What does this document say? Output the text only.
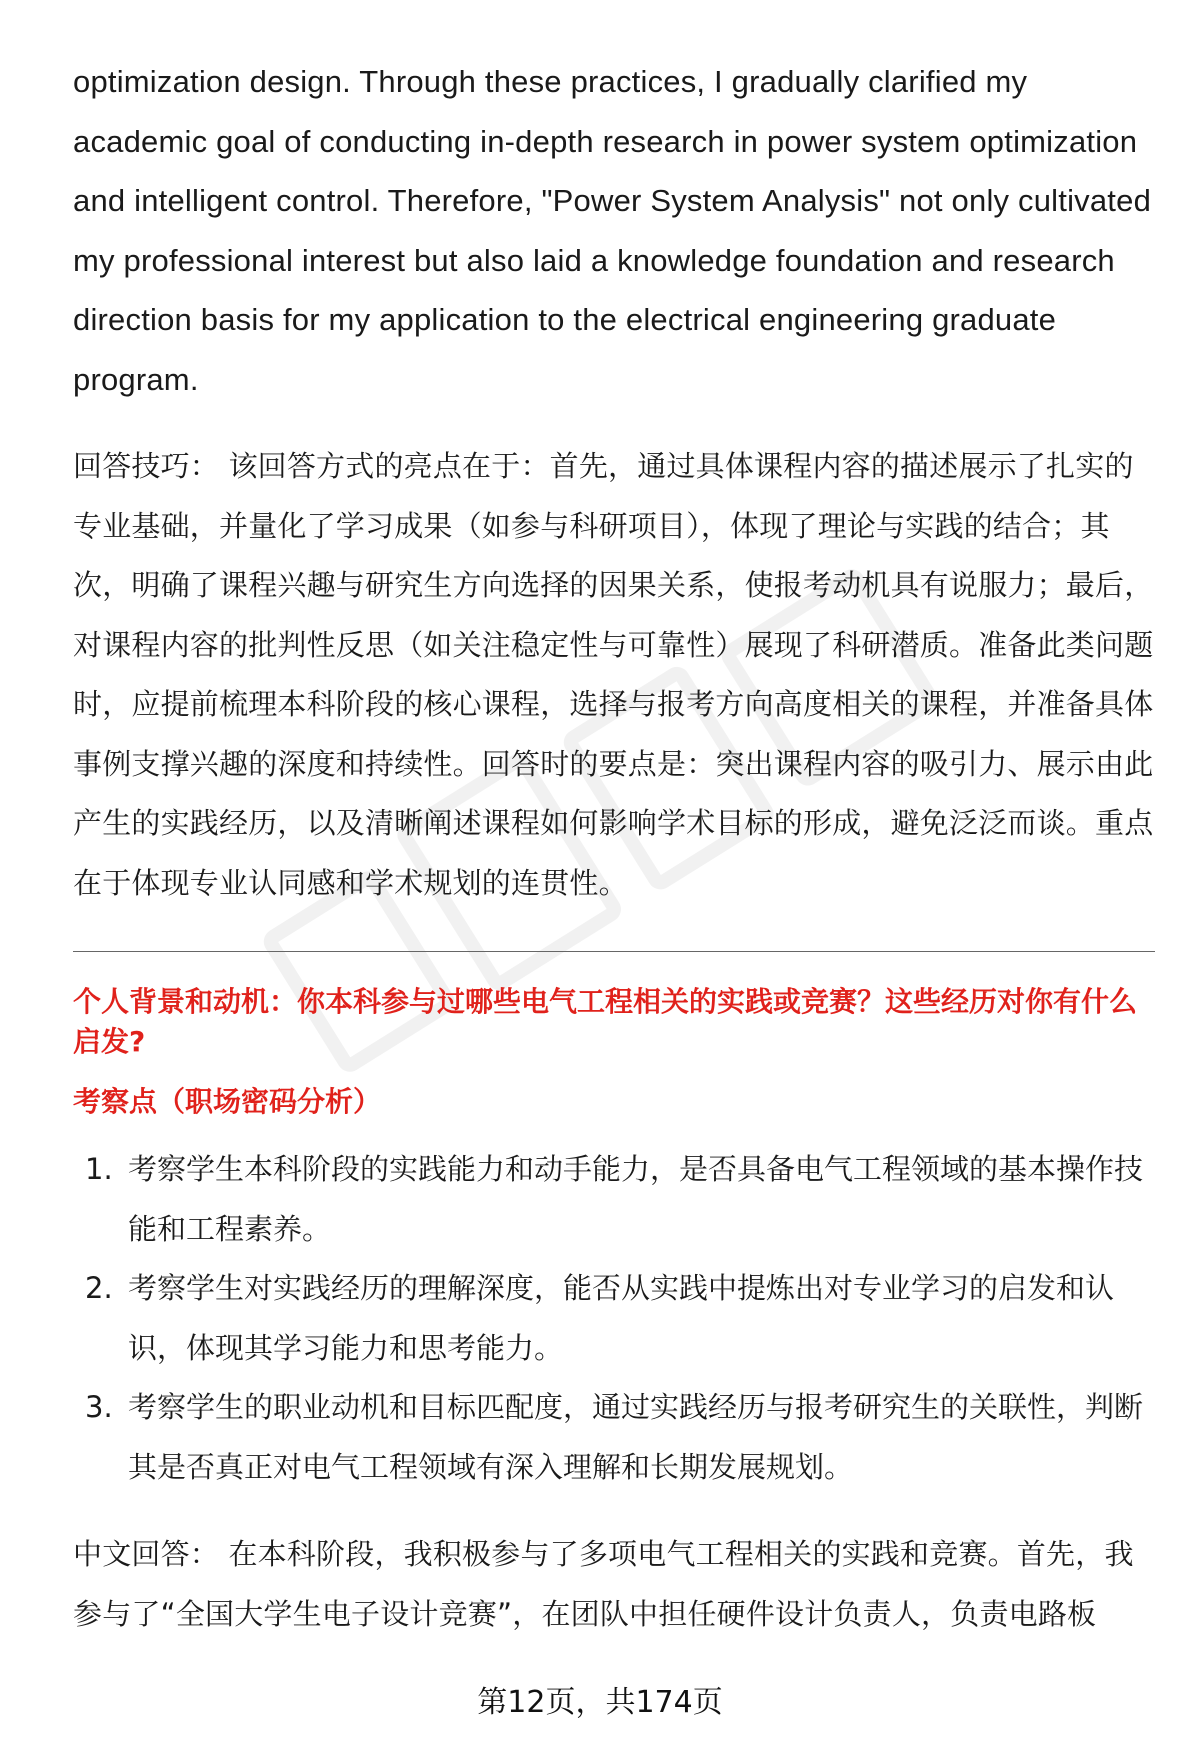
optimization design. Through these practices, I gradually clarified my academic goal of conducting in-depth research in power system optimization and intelligent control. Therefore, "Power System Analysis" not only cultivated my professional interest but also laid a knowledge foundation and research direction basis for my application to the electrical engineering graduate program.

回答技巧： 该回答方式的亮点在于：首先，通过具体课程内容的描述展示了扎实的专业基础，并量化了学习成果（如参与科研项目），体现了理论与实践的结合；其次，明确了课程兴趣与研究生方向选择的因果关系，使报考动机具有说服力；最后，对课程内容的批判性反思（如关注稳定性与可靠性）展现了科研潜质。准备此类问题时，应提前梳理本科阶段的核心课程，选择与报考方向高度相关的课程，并准备具体事例支撑兴趣的深度和持续性。回答时的要点是：突出课程内容的吸引力、展示由此产生的实践经历，以及清晰阐述课程如何影响学术目标的形成，避免泛泛而谈。重点在于体现专业认同感和学术规划的连贯性。

个人背景和动机：你本科参与过哪些电气工程相关的实践或竞赛？这些经历对你有什么启发?

考察点（职场密码分析）

1. 考察学生本科阶段的实践能力和动手能力，是否具备电气工程领域的基本操作技能和工程素养。
2. 考察学生对实践经历的理解深度，能否从实践中提炼出对专业学习的启发和认识，体现其学习能力和思考能力。
3. 考察学生的职业动机和目标匹配度，通过实践经历与报考研究生的关联性，判断其是否真正对电气工程领域有深入理解和长期发展规划。

中文回答： 在本科阶段，我积极参与了多项电气工程相关的实践和竞赛。首先，我参与了“全国大学生电子设计竞赛”，在团队中担任硬件设计负责人，负责电路板

第12页，共174页
